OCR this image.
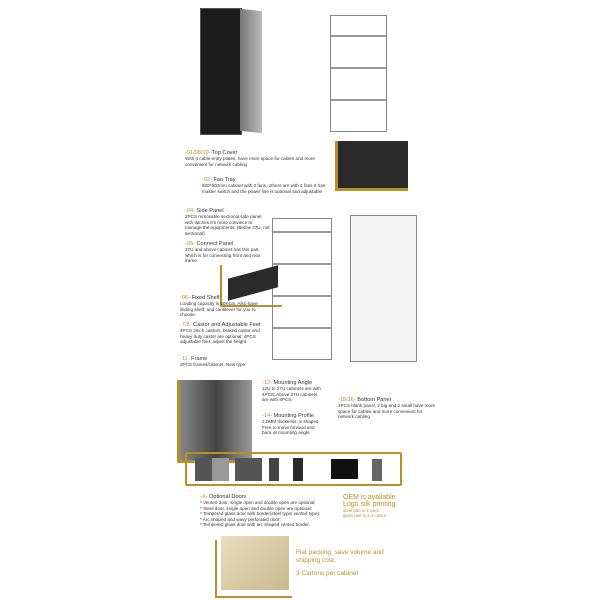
-01/08/10- Top Cover
With 4 cable entry plates, have more space for cables and more convenient for network cabling
-02- Fan Tray
600*600mm cabinet with 2 fans, others are with 4 fans It has master switch and the power line is optional and adjustable
-04- Side Panel
2PCS removable sectional side panel with latches.It's more convince to manage the equipments. (Below 37U, not sectional)
-05- Connect Panel
37U and above cabinet has this part, which is for connecting front and rear frame.
-06- Fixed Shelf
Loading capacity is 50KGS. Also have sliding shelf, and cantilever for you to choose.
-7/8- Castor and Adjustable Feet
4PCS 2inch castors, braked castor and heavy duty castor are optional; 4PCS adjustable feet, adjust the height.
-11- Frame
2PCS frames/cabinet. New type
-12- Mounting Angle
12U to 27U cabinets are with 4PCS; Above 27U cabinets are with 8PCS.
-14- Mounting Profile
2.0MM thickness, S shaped. Free to move forward and back at mounting angle.
-15/16- Bottom Panel
4PCS blank panel, 2 big and 2 small have more space for cables and more convenient for network cabling
-X- Optional Doors
* Vented door, single open and double open are optional;
* Steel door, single open and double open are optional;
* Tempered glass door with border(steel type/ vented type);
* Arc shaped and wavy perforated door;
* Tempered glass door with arc shaped vented border.
OEM is available
Logo silk printing
steel part is 1 color
glass part is 2-3 colors
Flat packing, save volume and shipping cost.
3 Cartons per cabinet
